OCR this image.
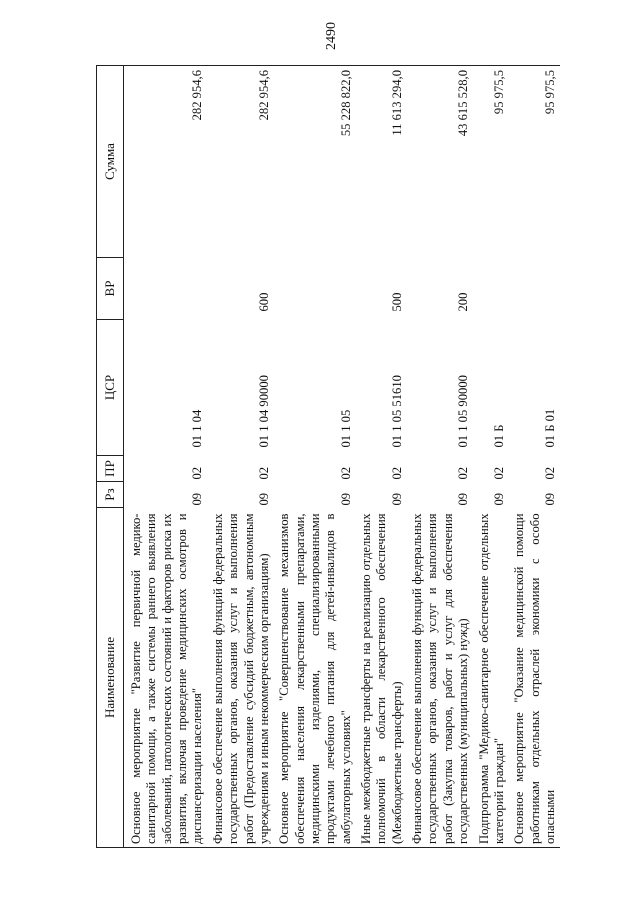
2490
Наименование	Рз	ПР	ЦСР	ВР	Сумма
Основное мероприятие "Развитие первичной медико-санитарной помощи, а также системы раннего выявления заболеваний, патологических состояний и факторов риска их развития, включая проведение медицинских осмотров и диспансеризации населения"	09	02	01 1 04		282 954,6
Финансовое обеспечение выполнения функций федеральных государственных органов, оказания услуг и выполнения работ (Предоставление субсидий бюджетным, автономным учреждениям и иным некоммерческим организациям)	09	02	01 1 04 90000	600	282 954,6
Основное мероприятие "Совершенствование механизмов обеспечения населения лекарственными препаратами, медицинскими изделиями, специализированными продуктами лечебного питания для детей-инвалидов в амбулаторных условиях"	09	02	01 1 05		55 228 822,0
Иные межбюджетные трансферты на реализацию отдельных полномочий в области лекарственного обеспечения (Межбюджетные трансферты)	09	02	01 1 05 51610	500	11 613 294,0
Финансовое обеспечение выполнения функций федеральных государственных органов, оказания услуг и выполнения работ (Закупка товаров, работ и услуг для обеспечения государственных (муниципальных) нужд)	09	02	01 1 05 90000	200	43 615 528,0
Подпрограмма "Медико-санитарное обеспечение отдельных категорий граждан"	09	02	01 Б		95 975,5
Основное мероприятие "Оказание медицинской помощи работникам отдельных отраслей экономики с особо опасными	09	02	01 Б 01		95 975,5
